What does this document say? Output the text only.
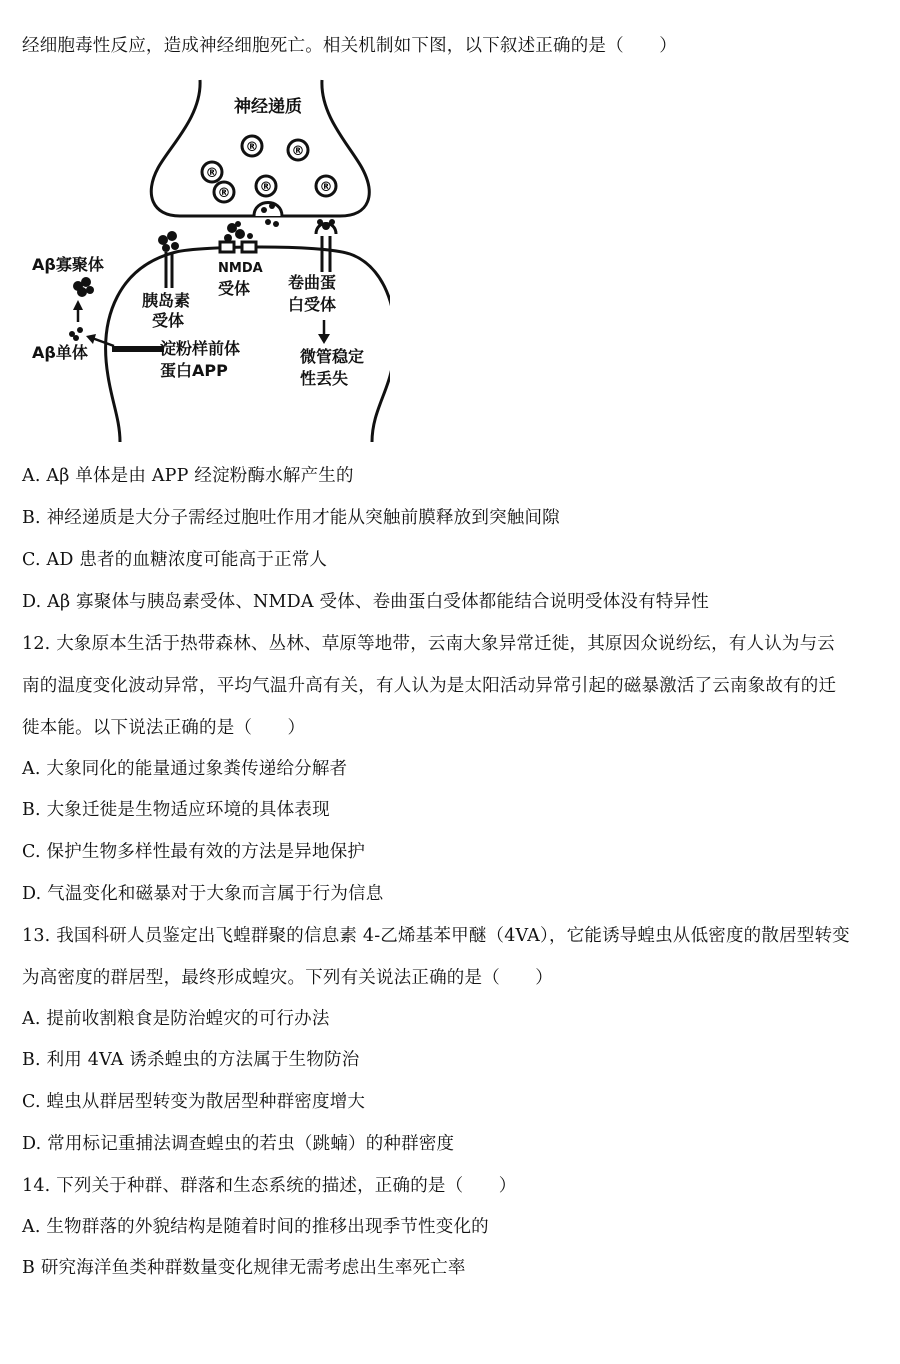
经细胞毒性反应，造成神经细胞死亡。相关机制如下图，以下叙述正确的是（　　）
®	®
®
® ®	®
神经递质
Aβ寡聚体
Aβ单体
胰岛素
受体
NMDA
受体 卷曲蛋
白受体
淀粉样前体
蛋白APP
微管稳定
性丢失
A. Aβ 单体是由 APP 经淀粉酶水解产生的
B. 神经递质是大分子需经过胞吐作用才能从突触前膜释放到突触间隙
C. AD 患者的血糖浓度可能高于正常人
D. Aβ 寡聚体与胰岛素受体、NMDA 受体、卷曲蛋白受体都能结合说明受体没有特异性
12. 大象原本生活于热带森林、丛林、草原等地带，云南大象异常迁徙，其原因众说纷纭，有人认为与云
南的温度变化波动异常，平均气温升高有关，有人认为是太阳活动异常引起的磁暴激活了云南象故有的迁
徙本能。以下说法正确的是（　　）
A. 大象同化的能量通过象粪传递给分解者
B. 大象迁徙是生物适应环境的具体表现
C. 保护生物多样性最有效的方法是异地保护
D. 气温变化和磁暴对于大象而言属于行为信息
13. 我国科研人员鉴定出飞蝗群聚的信息素 4-乙烯基苯甲醚（4VA），它能诱导蝗虫从低密度的散居型转变
为高密度的群居型，最终形成蝗灾。下列有关说法正确的是（　　）
A. 提前收割粮食是防治蝗灾的可行办法
B. 利用 4VA 诱杀蝗虫的方法属于生物防治
C. 蝗虫从群居型转变为散居型种群密度增大
D. 常用标记重捕法调查蝗虫的若虫（跳蝻）的种群密度
14. 下列关于种群、群落和生态系统的描述，正确的是（　　）
A. 生物群落的外貌结构是随着时间的推移出现季节性变化的
B 研究海洋鱼类种群数量变化规律无需考虑出生率死亡率
